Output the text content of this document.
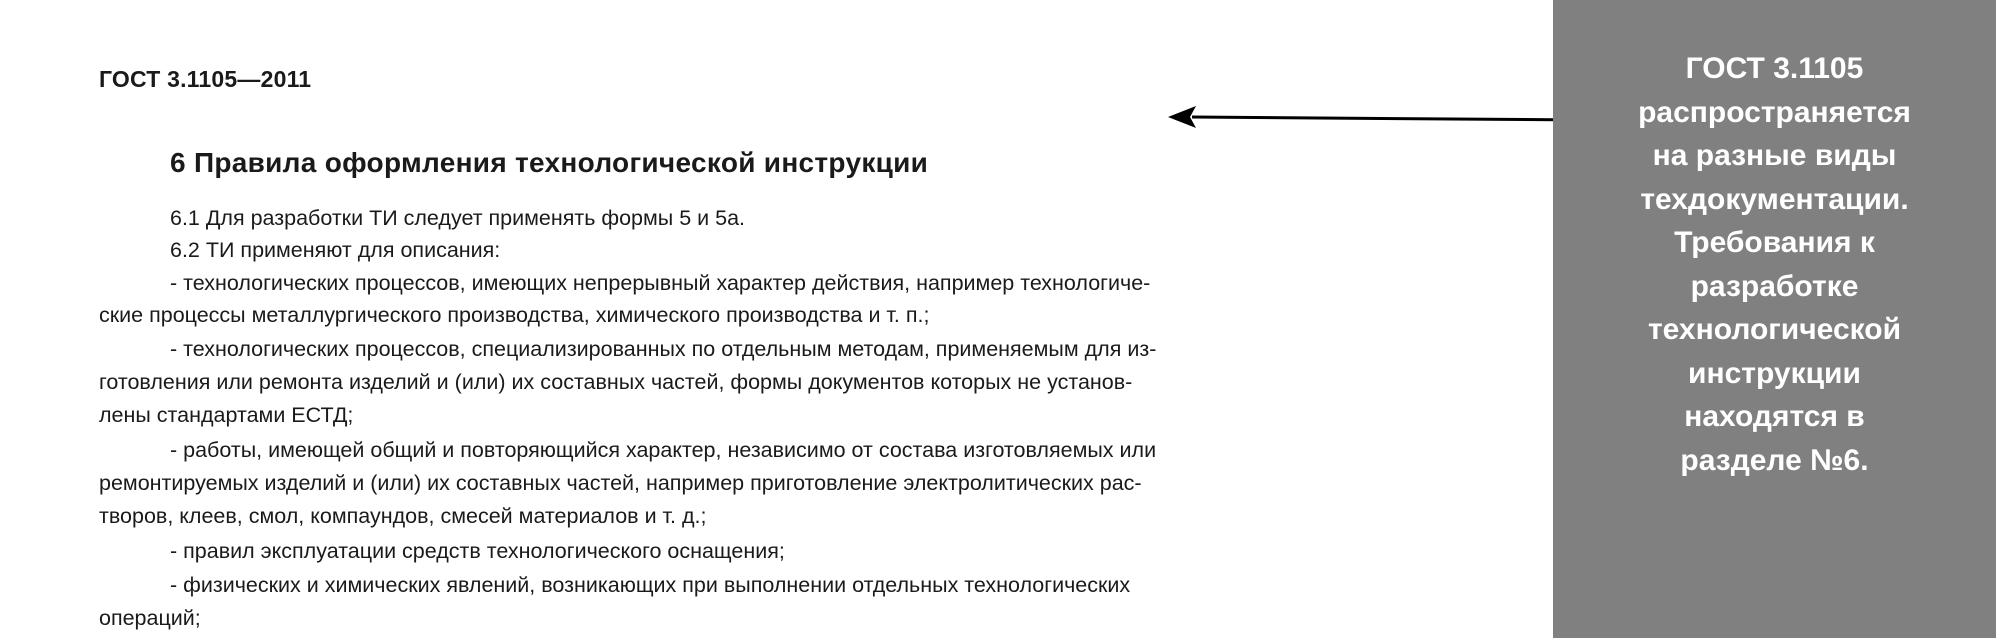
ГОСТ 3.1105—2011
6 Правила оформления технологической инструкции
6.1 Для разработки ТИ следует применять формы 5 и 5а.
6.2 ТИ применяют для описания:
- технологических процессов, имеющих непрерывный характер действия, например технологиче-
ские процессы металлургического производства, химического производства и т. п.;
- технологических процессов, специализированных по отдельным методам, применяемым для из-
готовления или ремонта изделий и (или) их составных частей, формы документов которых не установ-
лены стандартами ЕСТД;
- работы, имеющей общий и повторяющийся характер, независимо от состава изготовляемых или
ремонтируемых изделий и (или) их составных частей, например приготовление электролитических рас-
творов, клеев, смол, компаундов, смесей материалов и т. д.;
- правил эксплуатации средств технологического оснащения;
- физических и химических явлений, возникающих при выполнении отдельных технологических
операций;
ГОСТ 3.1105
распространяется
на разные виды
техдокументации.
Требования к
разработке
технологической
инструкции
находятся в
разделе №6.
